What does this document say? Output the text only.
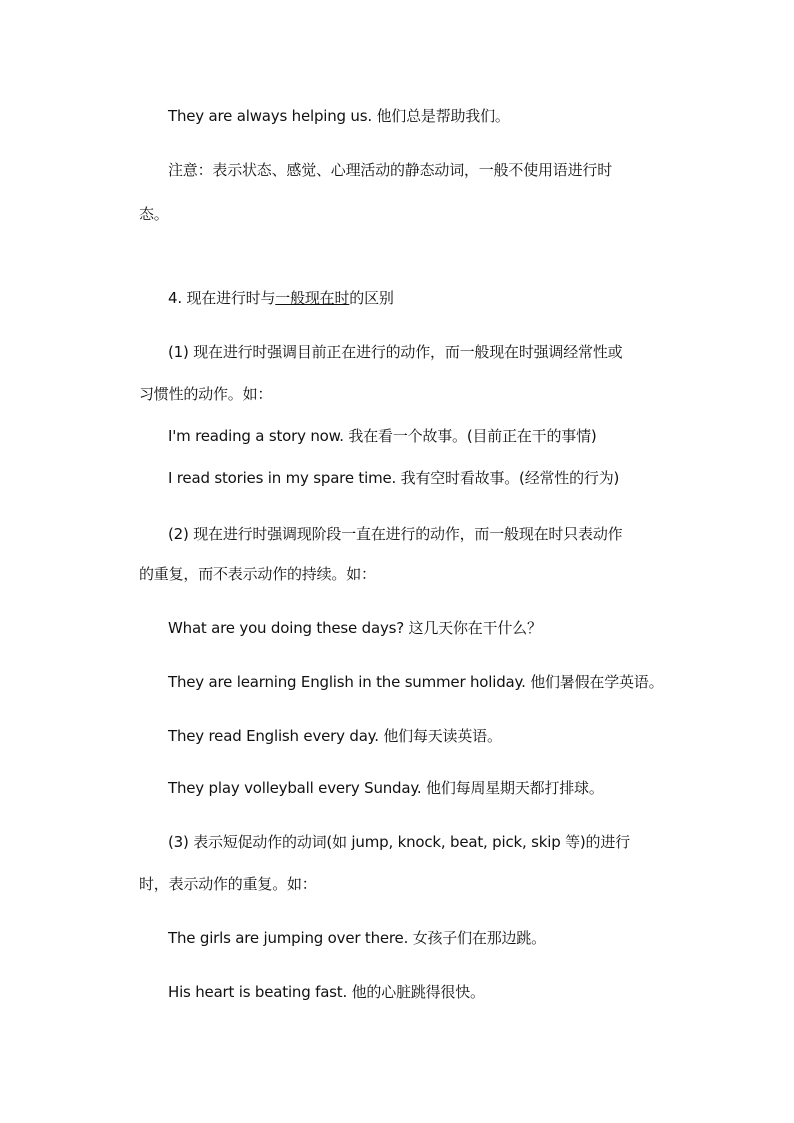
They are always helping us. 他们总是帮助我们。
注意：表示状态、感觉、心理活动的静态动词，一般不使用语进行时
态。
4. 现在进行时与一般现在时的区别
(1) 现在进行时强调目前正在进行的动作，而一般现在时强调经常性或
习惯性的动作。如：
I'm reading a story now. 我在看一个故事。(目前正在干的事情)
I read stories in my spare time. 我有空时看故事。(经常性的行为)
(2) 现在进行时强调现阶段一直在进行的动作，而一般现在时只表动作
的重复，而不表示动作的持续。如：
What are you doing these days? 这几天你在干什么？
They are learning English in the summer holiday. 他们暑假在学英语。
They read English every day. 他们每天读英语。
They play volleyball every Sunday. 他们每周星期天都打排球。
(3) 表示短促动作的动词(如 jump, knock, beat, pick, skip 等)的进行
时，表示动作的重复。如：
The girls are jumping over there. 女孩子们在那边跳。
His heart is beating fast. 他的心脏跳得很快。
